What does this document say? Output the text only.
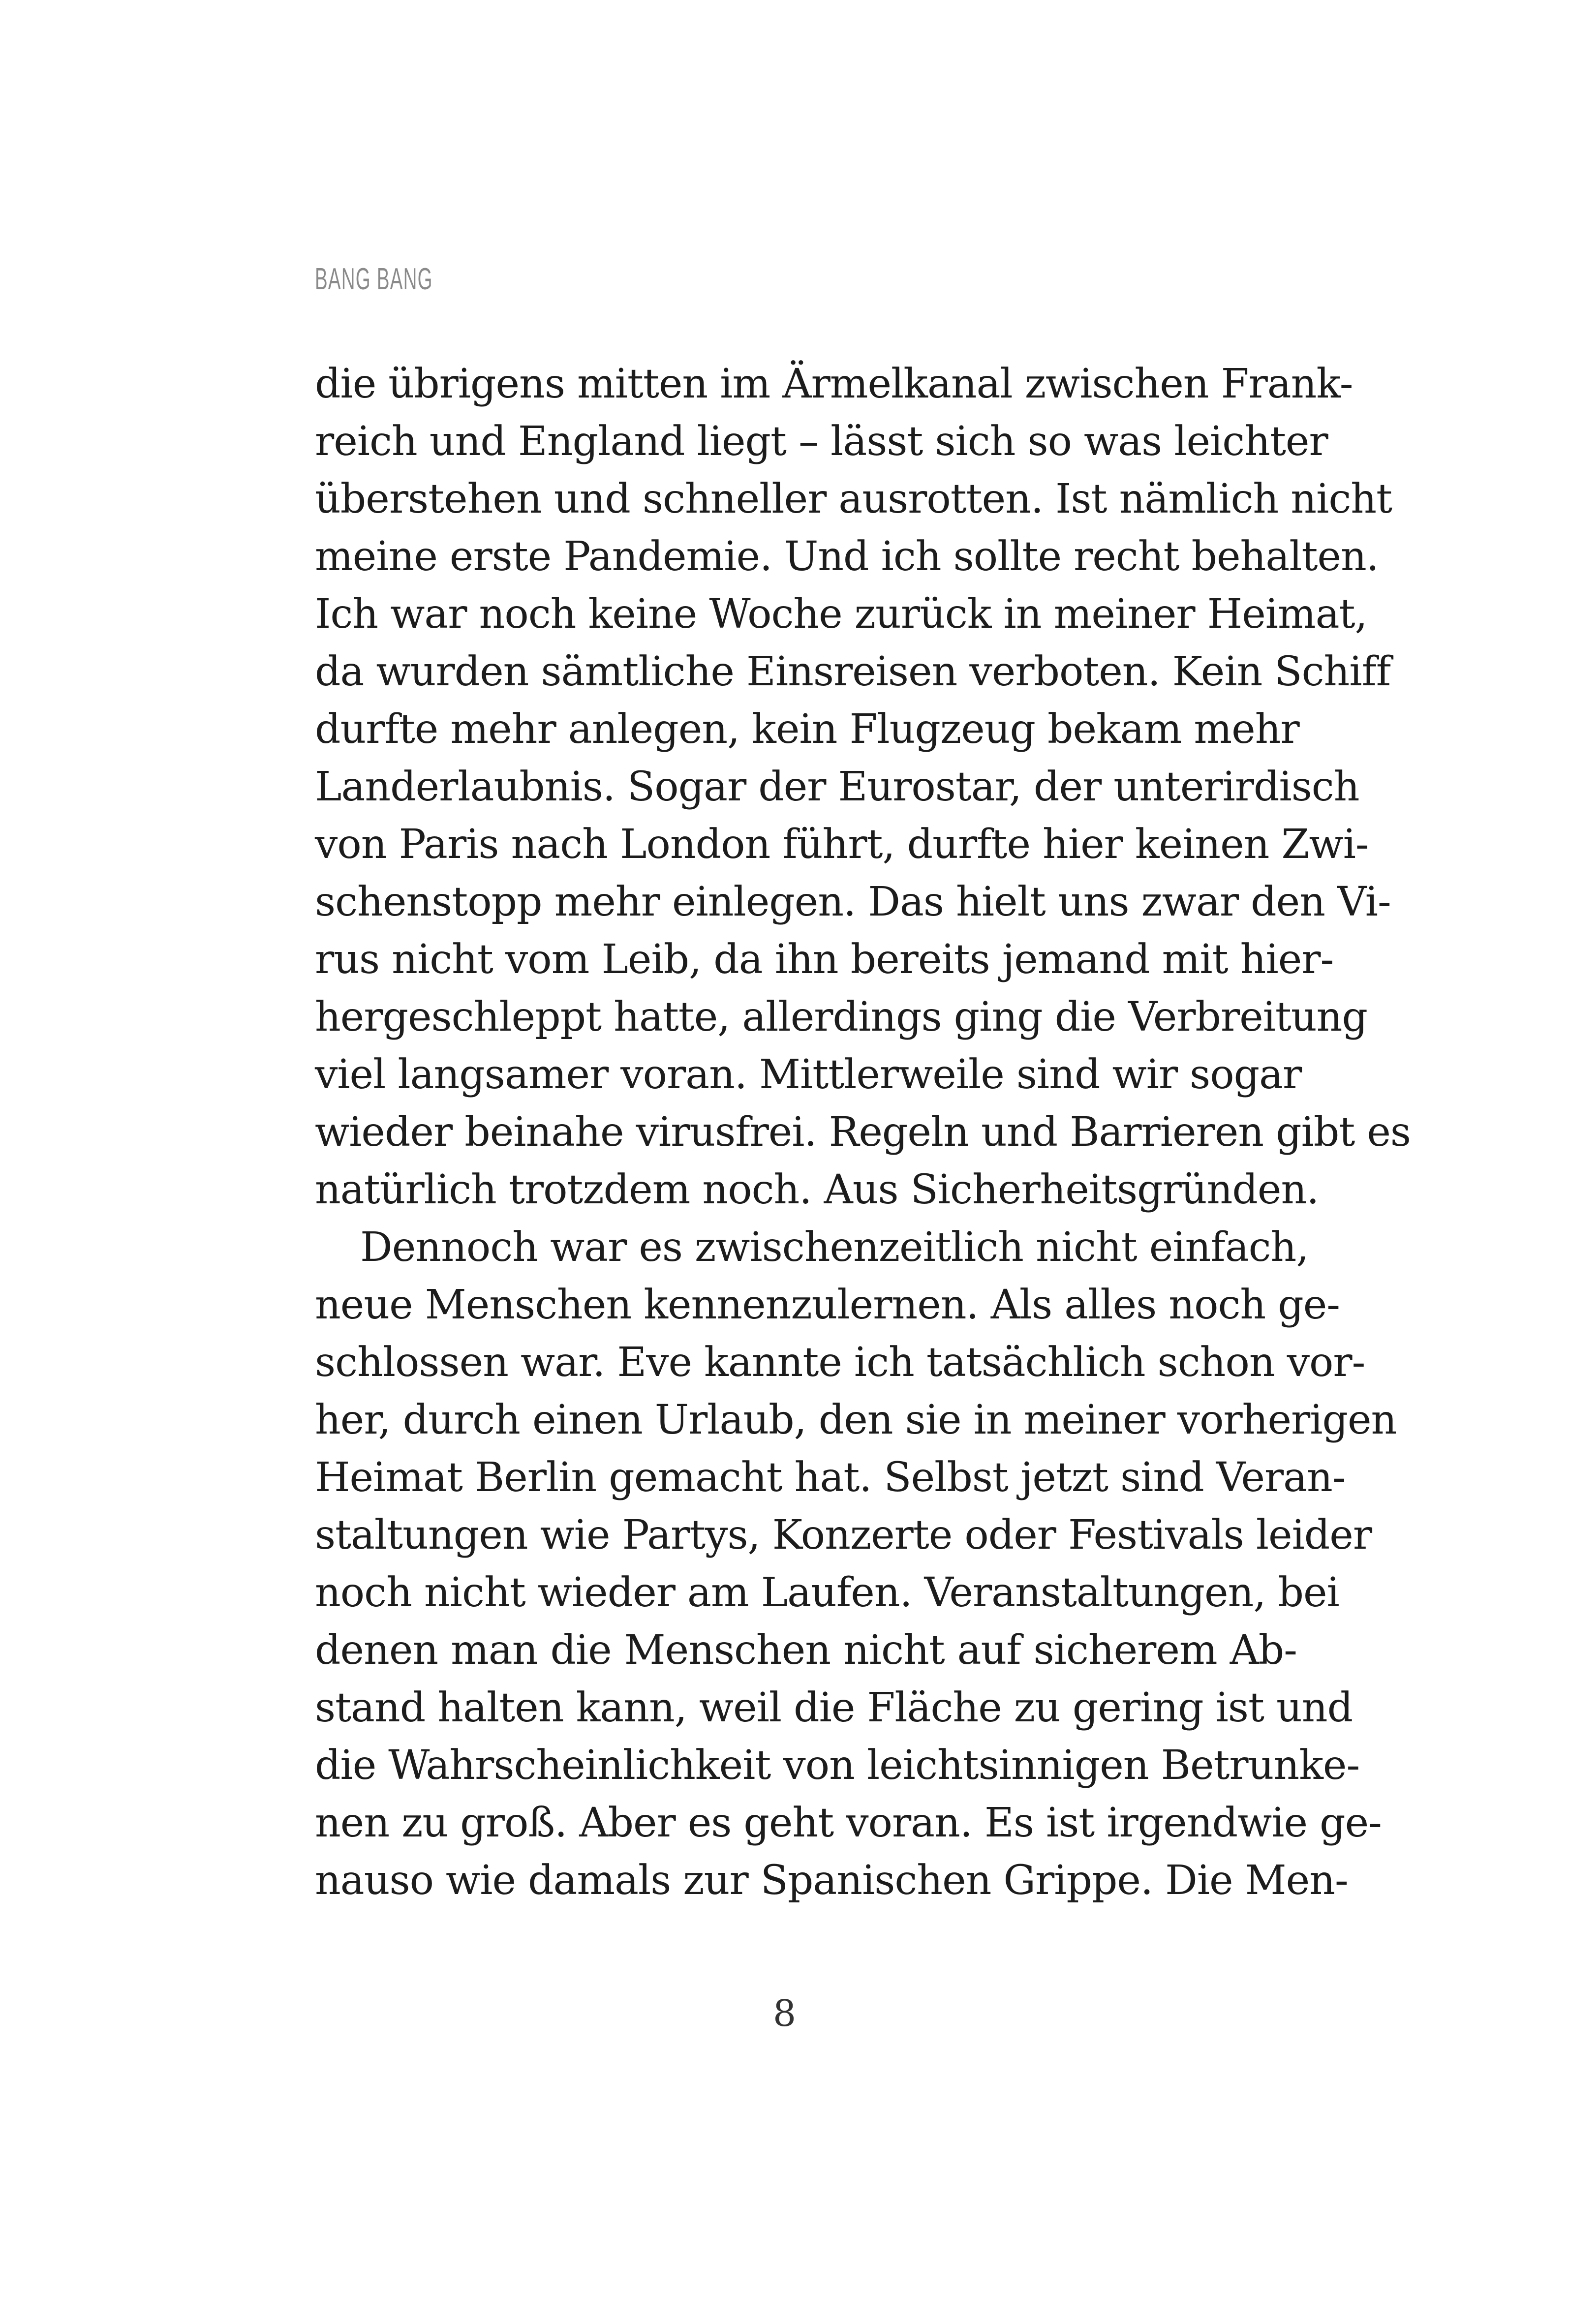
BANG BANG
die übrigens mitten im Ärmelkanal zwischen Frank-
reich und England liegt – lässt sich so was leichter
überstehen und schneller ausrotten. Ist nämlich nicht
meine erste Pandemie. Und ich sollte recht behalten.
Ich war noch keine Woche zurück in meiner Heimat,
da wurden sämtliche Einsreisen verboten. Kein Schiff
durfte mehr anlegen, kein Flugzeug bekam mehr
Landerlaubnis. Sogar der Eurostar, der unterirdisch
von Paris nach London führt, durfte hier keinen Zwi-
schenstopp mehr einlegen. Das hielt uns zwar den Vi-
rus nicht vom Leib, da ihn bereits jemand mit hier-
hergeschleppt hatte, allerdings ging die Verbreitung
viel langsamer voran. Mittlerweile sind wir sogar
wieder beinahe virusfrei. Regeln und Barrieren gibt es
natürlich trotzdem noch. Aus Sicherheitsgründen.
Dennoch war es zwischenzeitlich nicht einfach,
neue Menschen kennenzulernen. Als alles noch ge-
schlossen war. Eve kannte ich tatsächlich schon vor-
her, durch einen Urlaub, den sie in meiner vorherigen
Heimat Berlin gemacht hat. Selbst jetzt sind Veran-
staltungen wie Partys, Konzerte oder Festivals leider
noch nicht wieder am Laufen. Veranstaltungen, bei
denen man die Menschen nicht auf sicherem Ab-
stand halten kann, weil die Fläche zu gering ist und
die Wahrscheinlichkeit von leichtsinnigen Betrunke-
nen zu groß. Aber es geht voran. Es ist irgendwie ge-
nauso wie damals zur Spanischen Grippe. Die Men-
8
